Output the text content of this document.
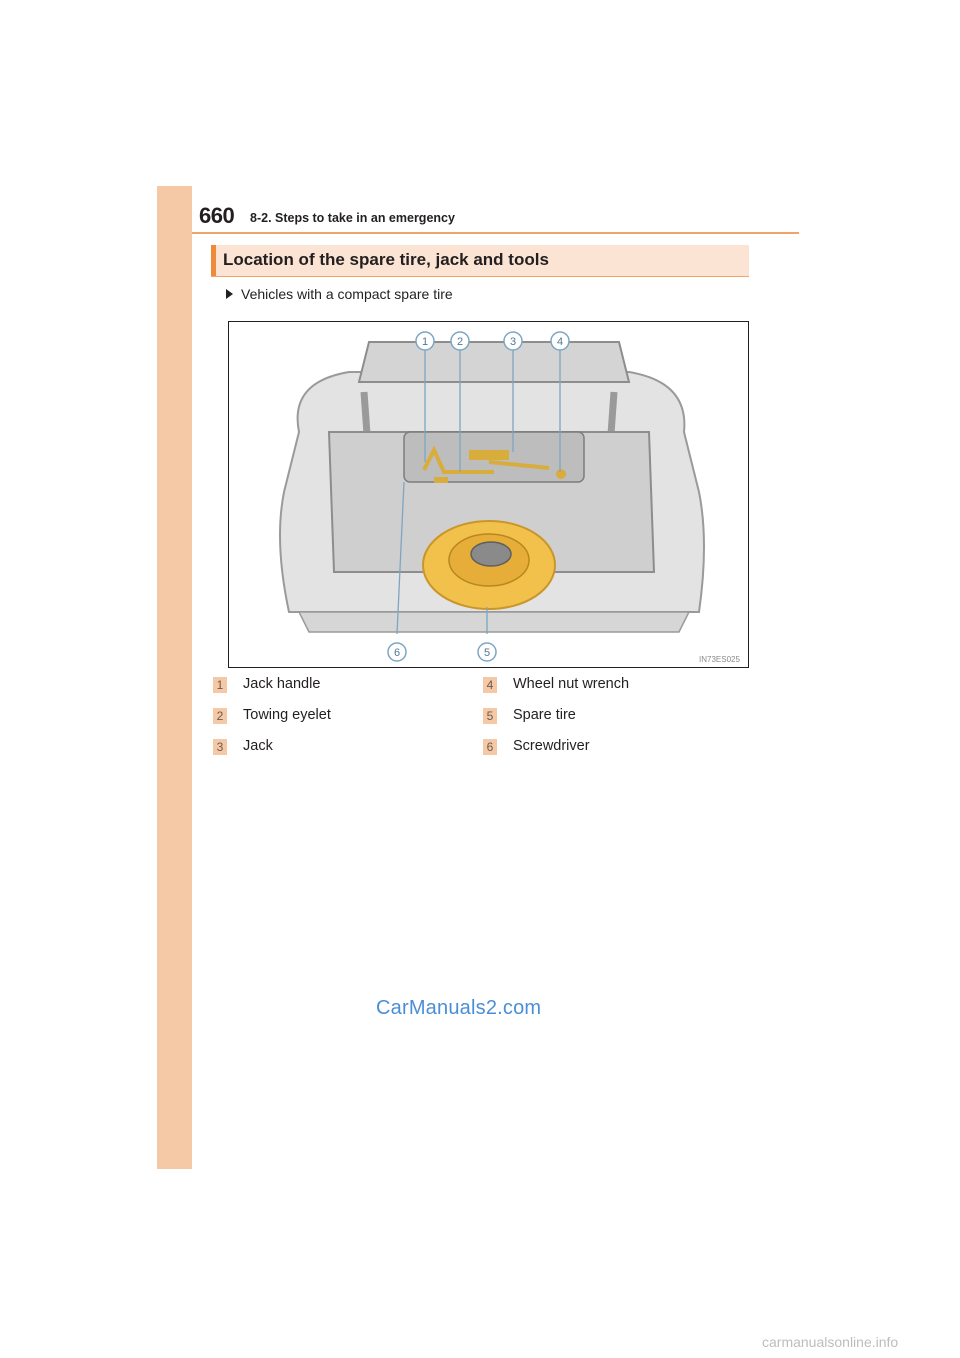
660 8-2. Steps to take in an emergency
Location of the spare tire, jack and tools
Vehicles with a compact spare tire
1	2	3	4
5
6
IN73ES025
1 Jack handle
2 Towing eyelet
3 Jack
4 Wheel nut wrench
5 Spare tire
6 Screwdriver
CarManuals2.com
carmanualsonline.info
